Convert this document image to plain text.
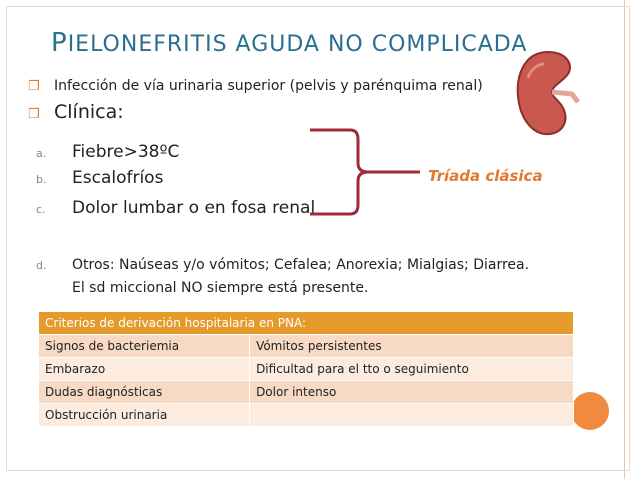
PIELONEFRITIS AGUDA NO COMPLICADA
❒ Infección de vía urinaria superior (pelvis y parénquima renal)
❒ Clínica:
a. Fiebre>38ºC
b. Escalofríos
c. Dolor lumbar o en fosa renal
d. Otros: Naúseas y/o vómitos; Cefalea; Anorexia; Mialgias; Diarrea.
El sd miccional NO siempre está presente.
Tríada clásica
Criterios de derivación hospitalaria en PNA:	
Signos de bacteriemia	Vómitos persistentes
Embarazo	Dificultad para el tto o seguimiento
Dudas diagnósticas	Dolor intenso
Obstrucción urinaria	
